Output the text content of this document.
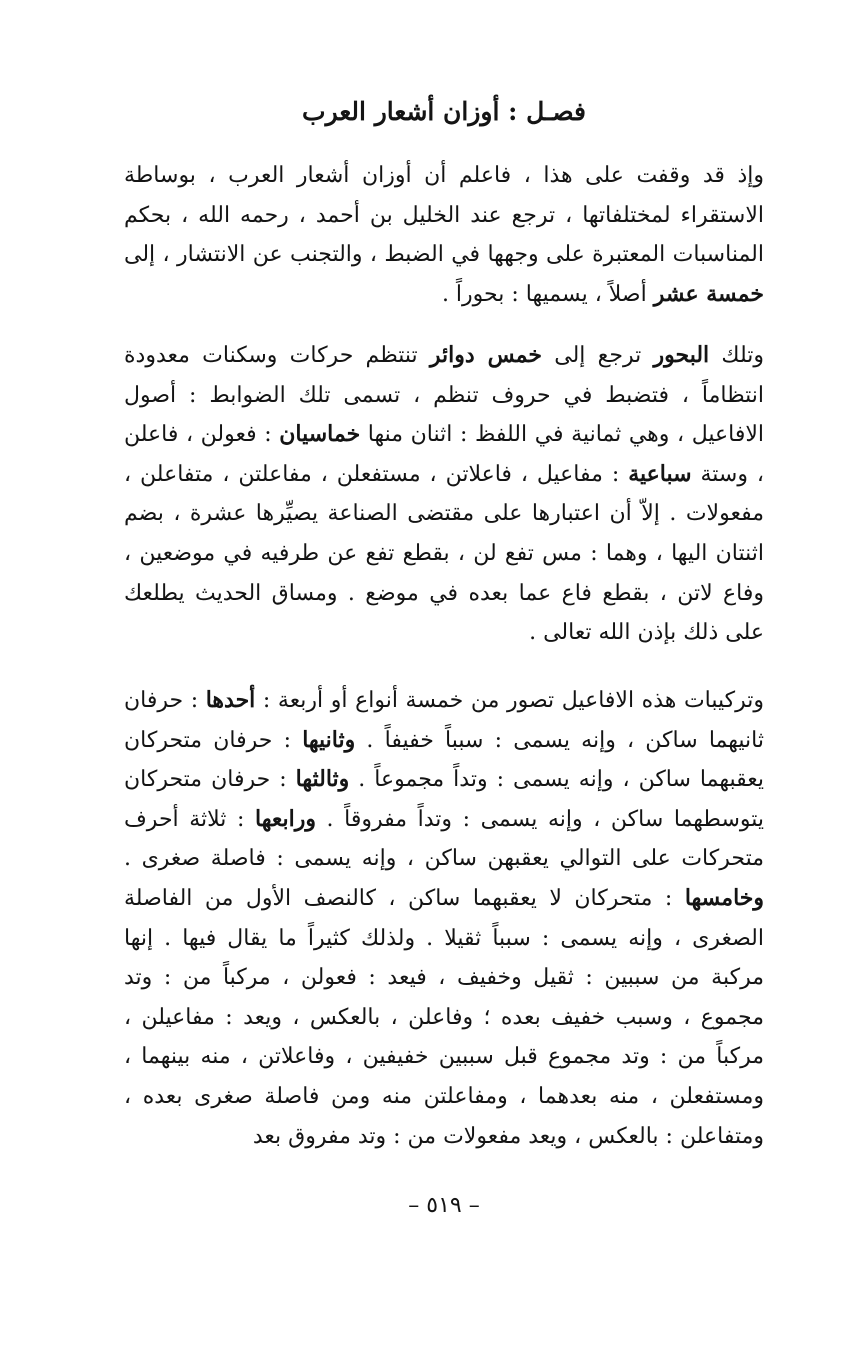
فصـل : أوزان أشعار العرب

وإذ قد وقفت على هذا ، فاعلم أن أوزان أشعار العرب ، بوساطة الاستقراء لمختلفاتها ، ترجع عند الخليل بن أحمد ، رحمه الله ، بحكم المناسبات المعتبرة على وجهها في الضبط ، والتجنب عن الانتشار ، إلى خمسة عشر أصلاً ، يسميها : بحوراً .

وتلك البحور ترجع إلى خمس دوائر تنتظم حركات وسكنات معدودة انتظاماً ، فتضبط في حروف تنظم ، تسمى تلك الضوابط : أصول الافاعيل ، وهي ثمانية في اللفظ : اثنان منها خماسيان : فعولن ، فاعلن ، وستة سباعية : مفاعيل ، فاعلاتن ، مستفعلن ، مفاعلتن ، متفاعلن ، مفعولات . إلاّ أن اعتبارها على مقتضى الصناعة يصيِّرها عشرة ، بضم اثنتان اليها ، وهما : مس تفع لن ، بقطع تفع عن طرفيه في موضعين ، وفاع لاتن ، بقطع فاع عما بعده في موضع . ومساق الحديث يطلعك على ذلك بإذن الله تعالى .

وتركيبات هذه الافاعيل تصور من خمسة أنواع أو أربعة : أحدها : حرفان ثانيهما ساكن ، وإنه يسمى : سبباً خفيفاً . وثانيها : حرفان متحركان يعقبهما ساكن ، وإنه يسمى : وتداً مجموعاً . وثالثها : حرفان متحركان يتوسطهما ساكن ، وإنه يسمى : وتداً مفروقاً . ورابعها : ثلاثة أحرف متحركات على التوالي يعقبهن ساكن ، وإنه يسمى : فاصلة صغرى . وخامسها : متحركان لا يعقبهما ساكن ، كالنصف الأول من الفاصلة الصغرى ، وإنه يسمى : سبباً ثقيلا . ولذلك كثيراً ما يقال فيها . إنها مركبة من سببين : ثقيل وخفيف ، فيعد : فعولن ، مركباً من : وتد مجموع ، وسبب خفيف بعده ؛ وفاعلن ، بالعكس ، ويعد : مفاعيلن ، مركباً من : وتد مجموع قبل سببين خفيفين ، وفاعلاتن ، منه بينهما ، ومستفعلن ، منه بعدهما ، ومفاعلتن منه ومن فاصلة صغرى بعده ، ومتفاعلن : بالعكس ، ويعد مفعولات من : وتد مفروق بعد

– ٥١٩ –
